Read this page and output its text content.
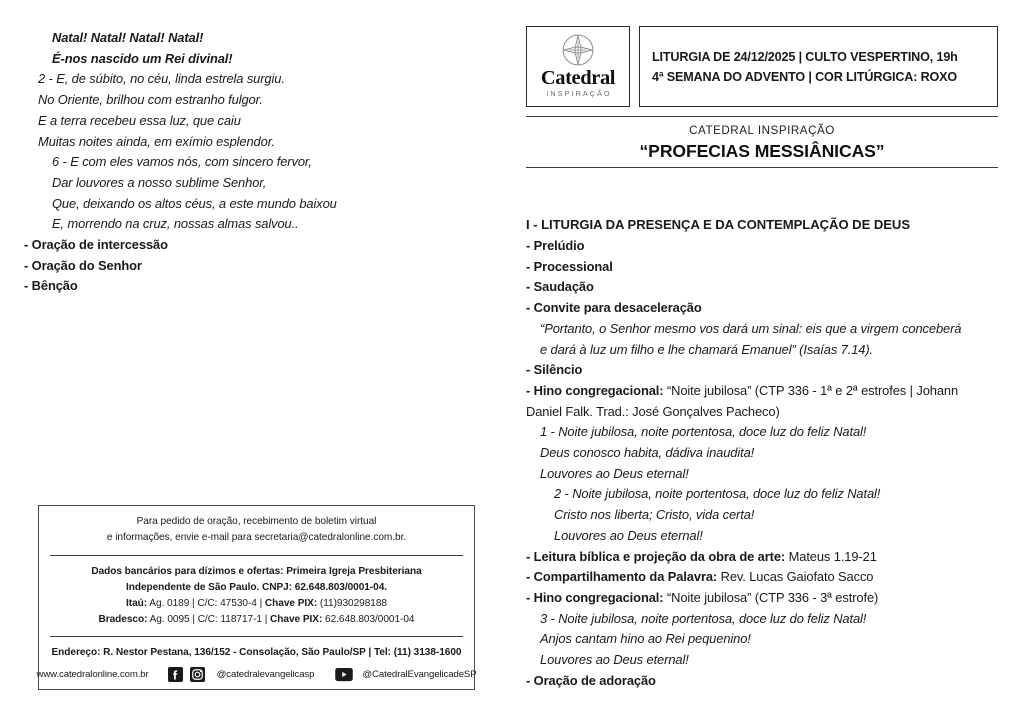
Natal! Natal! Natal! Natal!
É-nos nascido um Rei divinal!
2 - E, de súbito, no céu, linda estrela surgiu.
No Oriente, brilhou com estranho fulgor.
E a terra recebeu essa luz, que caiu
Muitas noites ainda, em exímio esplendor.
6 - E com eles vamos nós, com sincero fervor,
Dar louvores a nosso sublime Senhor,
Que, deixando os altos céus, a este mundo baixou
E, morrendo na cruz, nossas almas salvou..
- Oração de intercessão
- Oração do Senhor
- Bênção
Para pedido de oração, recebimento de boletim virtual
e informações, envie e-mail para secretaria@catedralonline.com.br.
Dados bancários para dízimos e ofertas: Primeira Igreja Presbiteriana
Independente de São Paulo. CNPJ: 62.648.803/0001-04.
Itaú: Ag. 0189 | C/C: 47530-4 | Chave PIX: (11)930298188
Bradesco: Ag. 0095 | C/C: 118717-1 | Chave PIX: 62.648.803/0001-04
Endereço: R. Nestor Pestana, 136/152 - Consolação, São Paulo/SP | Tel: (11) 3138-1600
www.catedralonline.com.br	@catedralevangelicasp	@CatedralEvangelicadeSP
Catedral
INSPIRAÇÃO
LITURGIA DE 24/12/2025 | CULTO VESPERTINO, 19h
4ª SEMANA DO ADVENTO | COR LITÚRGICA: ROXO
CATEDRAL INSPIRAÇÃO
“PROFECIAS MESSIÂNICAS”
I - LITURGIA DA PRESENÇA E DA CONTEMPLAÇÃO DE DEUS
- Prelúdio
- Processional
- Saudação
- Convite para desaceleração
“Portanto, o Senhor mesmo vos dará um sinal: eis que a virgem conceberá
e dará à luz um filho e lhe chamará Emanuel” (Isaías 7.14).
- Silêncio
- Hino congregacional: “Noite jubilosa” (CTP 336 - 1ª e 2ª estrofes | Johann
Daniel Falk. Trad.: José Gonçalves Pacheco)
1 - Noite jubilosa, noite portentosa, doce luz do feliz Natal!
Deus conosco habita, dádiva inaudita!
Louvores ao Deus eternal!
2 - Noite jubilosa, noite portentosa, doce luz do feliz Natal!
Cristo nos liberta; Cristo, vida certa!
Louvores ao Deus eternal!
- Leitura bíblica e projeção da obra de arte: Mateus 1.19-21
- Compartilhamento da Palavra: Rev. Lucas Gaiofato Sacco
- Hino congregacional: “Noite jubilosa” (CTP 336 - 3ª estrofe)
3 - Noite jubilosa, noite portentosa, doce luz do feliz Natal!
Anjos cantam hino ao Rei pequenino!
Louvores ao Deus eternal!
- Oração de adoração
